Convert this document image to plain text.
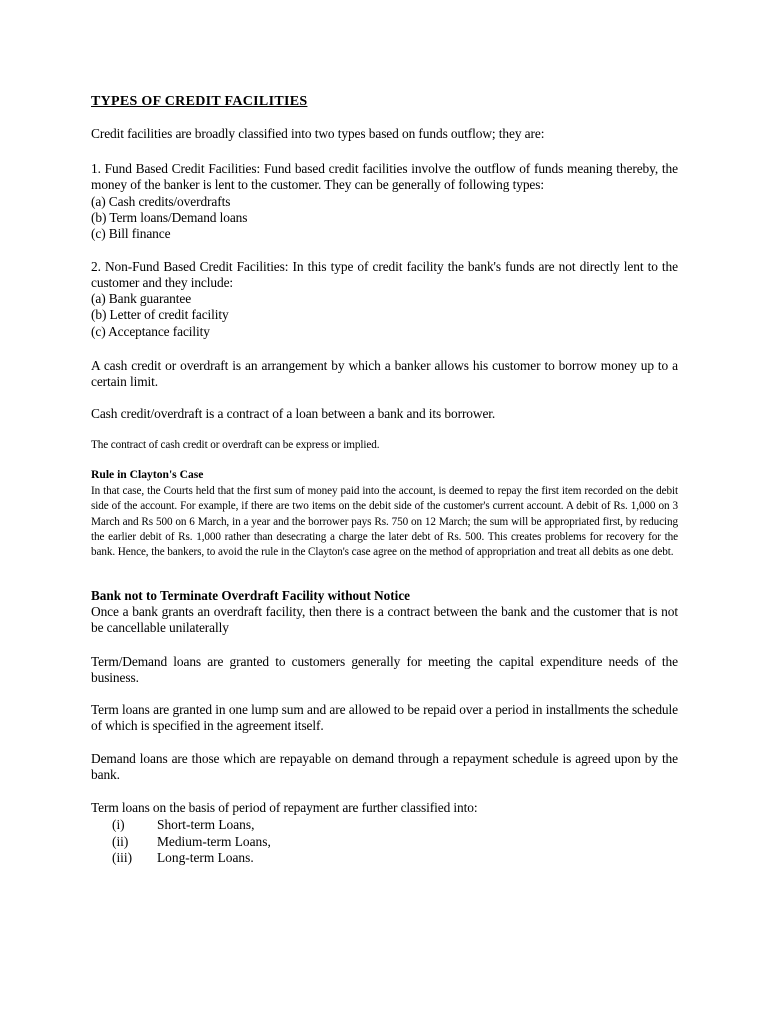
TYPES OF CREDIT FACILITIES

Credit facilities are broadly classified into two types based on funds outflow; they are:

1. Fund Based Credit Facilities: Fund based credit facilities involve the outflow of funds meaning thereby, the money of the banker is lent to the customer. They can be generally of following types:

(a) Cash credits/overdrafts
(b) Term loans/Demand loans
(c) Bill finance

2. Non-Fund Based Credit Facilities: In this type of credit facility the bank's funds are not directly lent to the customer and they include:

(a) Bank guarantee
(b) Letter of credit facility
(c) Acceptance facility

A cash credit or overdraft is an arrangement by which a banker allows his customer to borrow money up to a certain limit.

Cash credit/overdraft is a contract of a loan between a bank and its borrower.

The contract of cash credit or overdraft can be express or implied.

Rule in Clayton's Case

In that case, the Courts held that the first sum of money paid into the account, is deemed to repay the first item recorded on the debit side of the account. For example, if there are two items on the debit side of the customer's current account. A debit of Rs. 1,000 on 3 March and Rs 500 on 6 March, in a year and the borrower pays Rs. 750 on 12 March; the sum will be appropriated first, by reducing the earlier debit of Rs. 1,000 rather than desecrating a charge the later debt of Rs. 500. This creates problems for recovery for the bank. Hence, the bankers, to avoid the rule in the Clayton's case agree on the method of appropriation and treat all debits as one debt.

Bank not to Terminate Overdraft Facility without Notice

Once a bank grants an overdraft facility, then there is a contract between the bank and the customer that is not be cancellable unilaterally

Term/Demand loans are granted to customers generally for meeting the capital expenditure needs of the business.

Term loans are granted in one lump sum and are allowed to be repaid over a period in installments the schedule of which is specified in the agreement itself.

Demand loans are those which are repayable on demand through a repayment schedule is agreed upon by the bank.

Term loans on the basis of period of repayment are further classified into:

(i) Short-term Loans,
(ii) Medium-term Loans,
(iii) Long-term Loans.
